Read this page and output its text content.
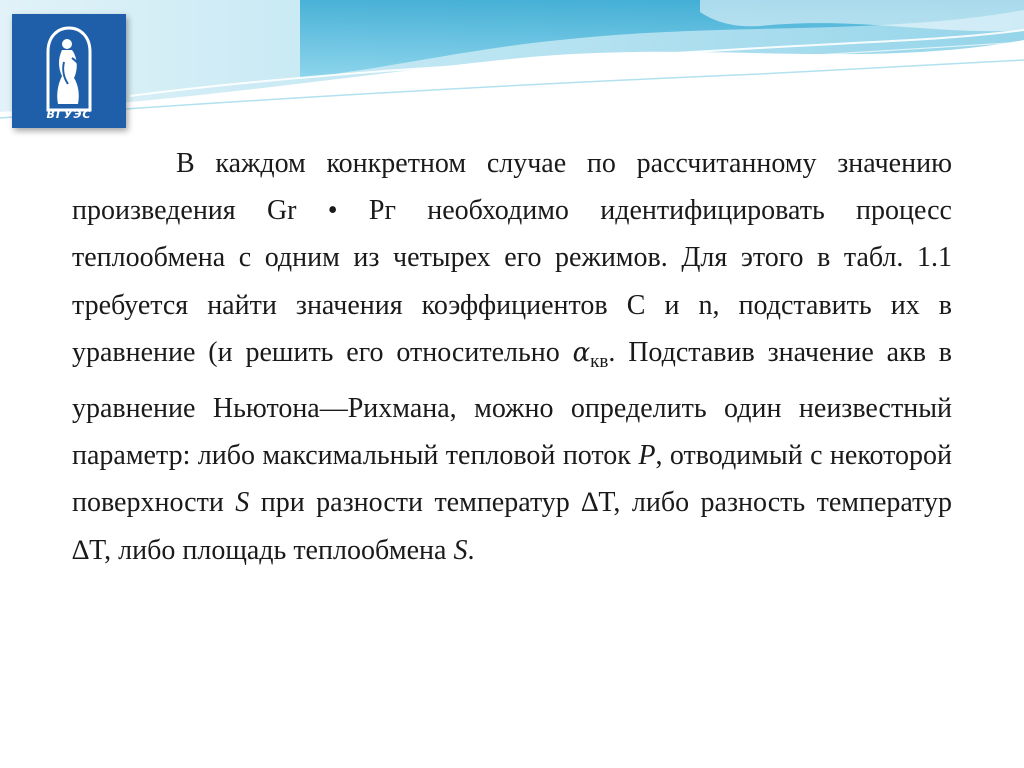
ВГУЭС

В каждом конкретном случае по рассчитанному значению произведения Gr • Рг необходимо идентифицировать процесс теплообмена с одним из четырех его режимов. Для этого в табл. 1.1 требуется найти значения коэффициентов С и n, подставить их в уравнение (и решить его относительно $\alpha_{кв}$. Подставив значение акв в уравнение Ньютона—Рихмана, можно определить один неизвестный параметр: либо максимальный тепловой поток P, отводимый с некоторой поверхности S при разности температур ∆T, либо разность температур ∆T, либо площадь теплообмена S.
